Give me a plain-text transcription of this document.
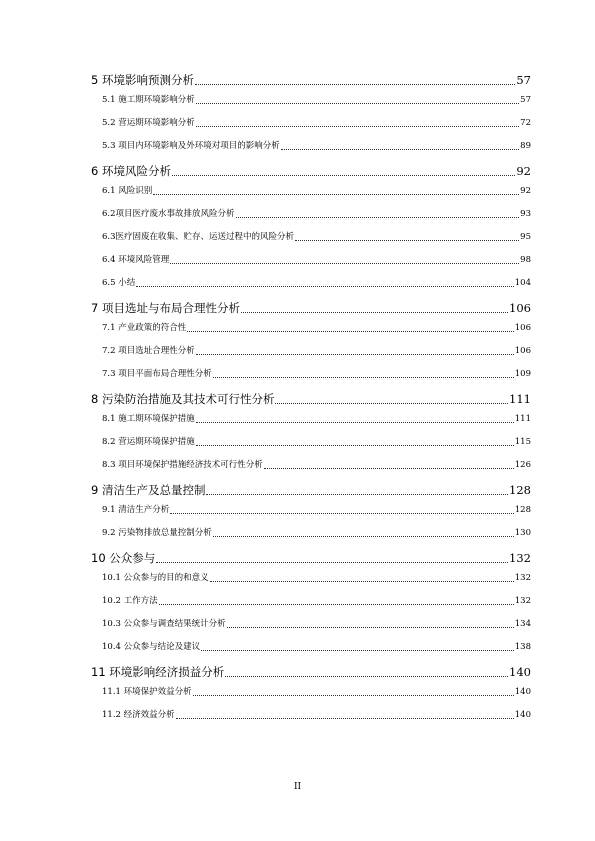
5 环境影响预测分析	57
5.1 施工期环境影响分析	57
5.2 营运期环境影响分析	72
5.3 项目内环境影响及外环境对项目的影响分析	89
6 环境风险分析	92
6.1 风险识别	92
6.2项目医疗废水事故排放风险分析	93
6.3医疗固废在收集、贮存、运送过程中的风险分析	95
6.4 环境风险管理	98
6.5 小结	104
7 项目选址与布局合理性分析	106
7.1 产业政策的符合性	106
7.2 项目选址合理性分析	106
7.3 项目平面布局合理性分析	109
8 污染防治措施及其技术可行性分析	111
8.1 施工期环境保护措施	111
8.2 营运期环境保护措施	115
8.3 项目环境保护措施经济技术可行性分析	126
9 清洁生产及总量控制	128
9.1 清洁生产分析	128
9.2 污染物排放总量控制分析	130
10 公众参与	132
10.1 公众参与的目的和意义	132
10.2 工作方法	132
10.3 公众参与调查结果统计分析	134
10.4 公众参与结论及建议	138
11 环境影响经济损益分析	140
11.1 环境保护效益分析	140
11.2 经济效益分析	140
II
